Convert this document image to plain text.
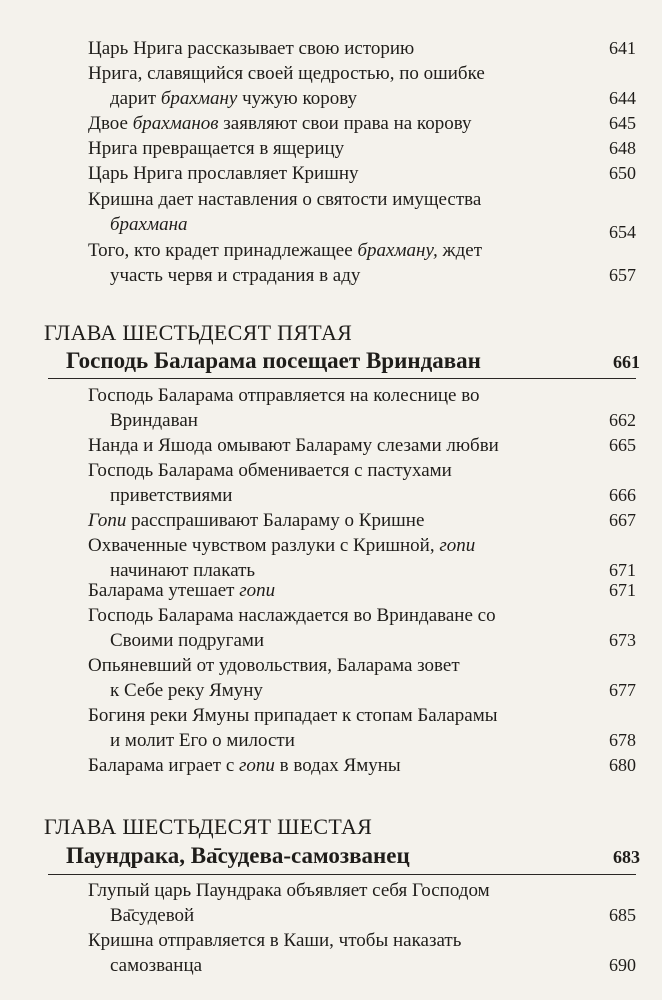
Царь Нрига рассказывает свою историю	641
Нрига, славящийся своей щедростью, по ошибке
дарит брахману чужую корову	644
Двое брахманов заявляют свои права на корову	645
Нрига превращается в ящерицу	648
Царь Нрига прославляет Кришну	650
Кришна дает наставления о святости имущества
брахмана	654
Того, кто крадет принадлежащее брахману, ждет
участь червя и страдания в аду	657
ГЛАВА ШЕСТЬДЕСЯТ ПЯТАЯ
Господь Баларама посещает Вриндаван	661
Господь Баларама отправляется на колеснице во
Вриндаван	662
Нанда и Яшода омывают Балараму слезами любви	665
Господь Баларама обменивается с пастухами
приветствиями	666
Гопи расспрашивают Балараму о Кришне	667
Охваченные чувством разлуки с Кришной, гопи
начинают плакать	671
Баларама утешает гопи	671
Господь Баларама наслаждается во Вриндаване со
Своими подругами	673
Опьяневший от удовольствия, Баларама зовет
к Себе реку Ямуну	677
Богиня реки Ямуны припадает к стопам Баларамы
и молит Его о милости	678
Баларама играет с гопи в водах Ямуны	680
ГЛАВА ШЕСТЬДЕСЯТ ШЕСТАЯ
Паундрака, Ва̄судева-самозванец	683
Глупый царь Паундрака объявляет себя Господом
Ва̄судевой	685
Кришна отправляется в Каши, чтобы наказать
самозванца	690
